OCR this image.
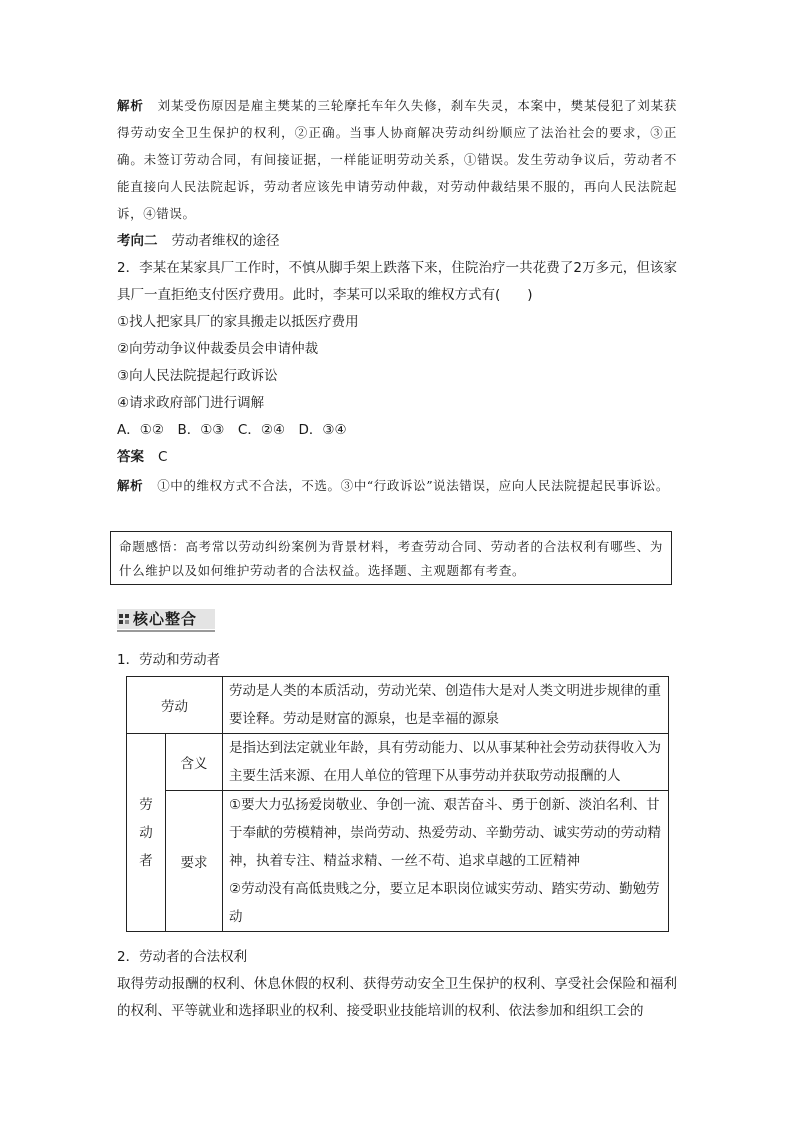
解析 刘某受伤原因是雇主樊某的三轮摩托车年久失修，刹车失灵，本案中，樊某侵犯了刘某获得劳动安全卫生保护的权利，②正确。当事人协商解决劳动纠纷顺应了法治社会的要求，③正确。未签订劳动合同，有间接证据，一样能证明劳动关系，①错误。发生劳动争议后，劳动者不能直接向人民法院起诉，劳动者应该先申请劳动仲裁，对劳动仲裁结果不服的，再向人民法院起诉，④错误。

考向二 劳动者维权的途径

2．李某在某家具厂工作时，不慎从脚手架上跌落下来，住院治疗一共花费了2万多元，但该家具厂一直拒绝支付医疗费用。此时，李某可以采取的维权方式有(　　)

①找人把家具厂的家具搬走以抵医疗费用

②向劳动争议仲裁委员会申请仲裁

③向人民法院提起行政诉讼

④请求政府部门进行调解

A．①②　B．①③　C．②④　D．③④

答案 C

解析 ①中的维权方式不合法，不选。③中“行政诉讼”说法错误，应向人民法院提起民事诉讼。

命题感悟：高考常以劳动纠纷案例为背景材料，考查劳动合同、劳动者的合法权利有哪些、为什么维护以及如何维护劳动者的合法权益。选择题、主观题都有考查。

核心整合

1．劳动和劳动者

劳动		劳动是人类的本质活动，劳动光荣、创造伟大是对人类文明进步规律的重要诠释。劳动是财富的源泉，也是幸福的源泉
劳
动
者	含义	是指达到法定就业年龄，具有劳动能力、以从事某种社会劳动获得收入为主要生活来源、在用人单位的管理下从事劳动并获取劳动报酬的人
	要求	①要大力弘扬爱岗敬业、争创一流、艰苦奋斗、勇于创新、淡泊名利、甘于奉献的劳模精神，崇尚劳动、热爱劳动、辛勤劳动、诚实劳动的劳动精神，执着专注、精益求精、一丝不苟、追求卓越的工匠精神
②劳动没有高低贵贱之分，要立足本职岗位诚实劳动、踏实劳动、勤勉劳动

2．劳动者的合法权利

取得劳动报酬的权利、休息休假的权利、获得劳动安全卫生保护的权利、享受社会保险和福利的权利、平等就业和选择职业的权利、接受职业技能培训的权利、依法参加和组织工会的
